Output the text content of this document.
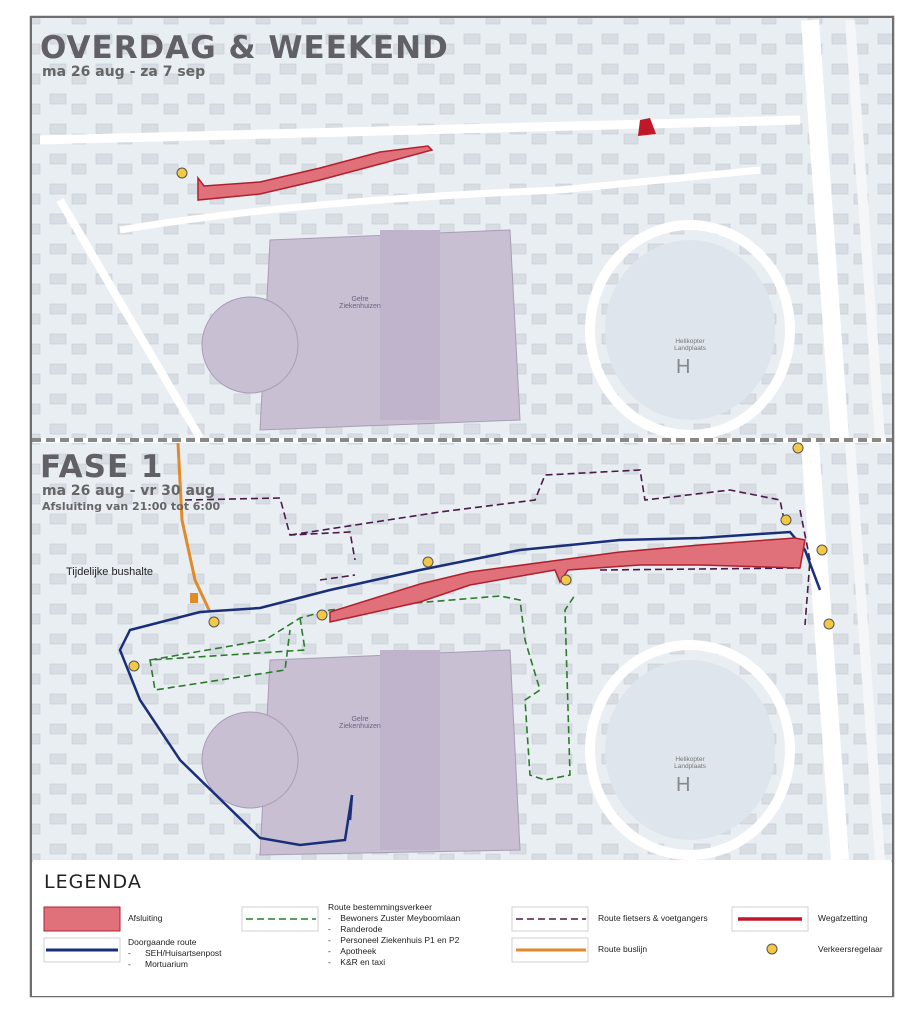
OVERDAG & WEEKEND
ma 26 aug - za 7 sep
FASE 1
ma 26 aug - vr 30 aug
Afsluiting van 21:00 tot 6:00
Gelre Ziekenhuizen
Helikopter Landplaats
H
Tijdelijke bushalte
Gelre Ziekenhuizen
Helikopter Landplaats
H
LEGENDA
Afsluiting
Doorgaande route
-      SEH/Huisartsenpost
-      Mortuarium
Route bestemmingsverkeer
-    Bewoners Zuster Meyboomlaan
-    Randerode
-    Personeel Ziekenhuis P1 en P2
-    Apotheek
-    K&R en taxi
Route fietsers & voetgangers
Route buslijn
Wegafzetting
Verkeersregelaar
